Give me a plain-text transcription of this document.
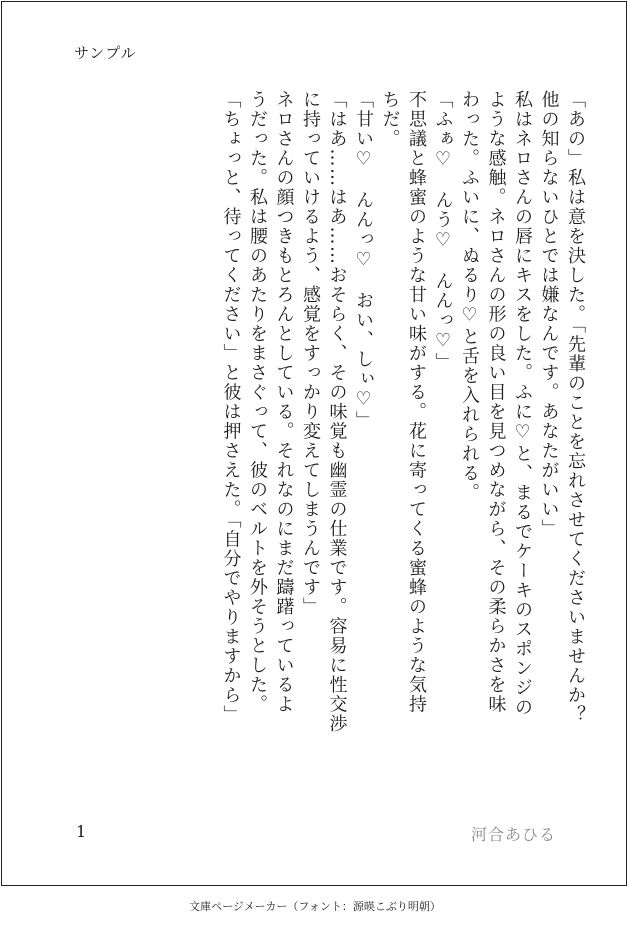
サンプル

「あの」私は意を決した。「先輩のことを忘れさせてくださいませんか？

他の知らないひとでは嫌なんです。あなたがいい」

私はネロさんの唇にキスをした。ふに♡と、まるでケーキのスポンジの

ような感触。ネロさんの形の良い目を見つめながら、その柔らかさを味

わった。ふいに、ぬるり♡と舌を入れられる。

「ふぁ♡　んう♡　んんっ♡」

不思議と蜂蜜のような甘い味がする。花に寄ってくる蜜蜂のような気持

ちだ。

「甘い♡　んんっ♡　おい、しぃ♡」

「はあ……はあ……おそらく、その味覚も幽霊の仕業です。容易に性交渉

に持っていけるよう、感覚をすっかり変えてしまうんです」

ネロさんの顔つきもとろんとしている。それなのにまだ躊躇っているよ

うだった。私は腰のあたりをまさぐって、彼のベルトを外そうとした。

「ちょっと、待ってください」と彼は押さえた。「自分でやりますから」

1	河合あひる
文庫ページメーカー（フォント：源暎こぶり明朝）
